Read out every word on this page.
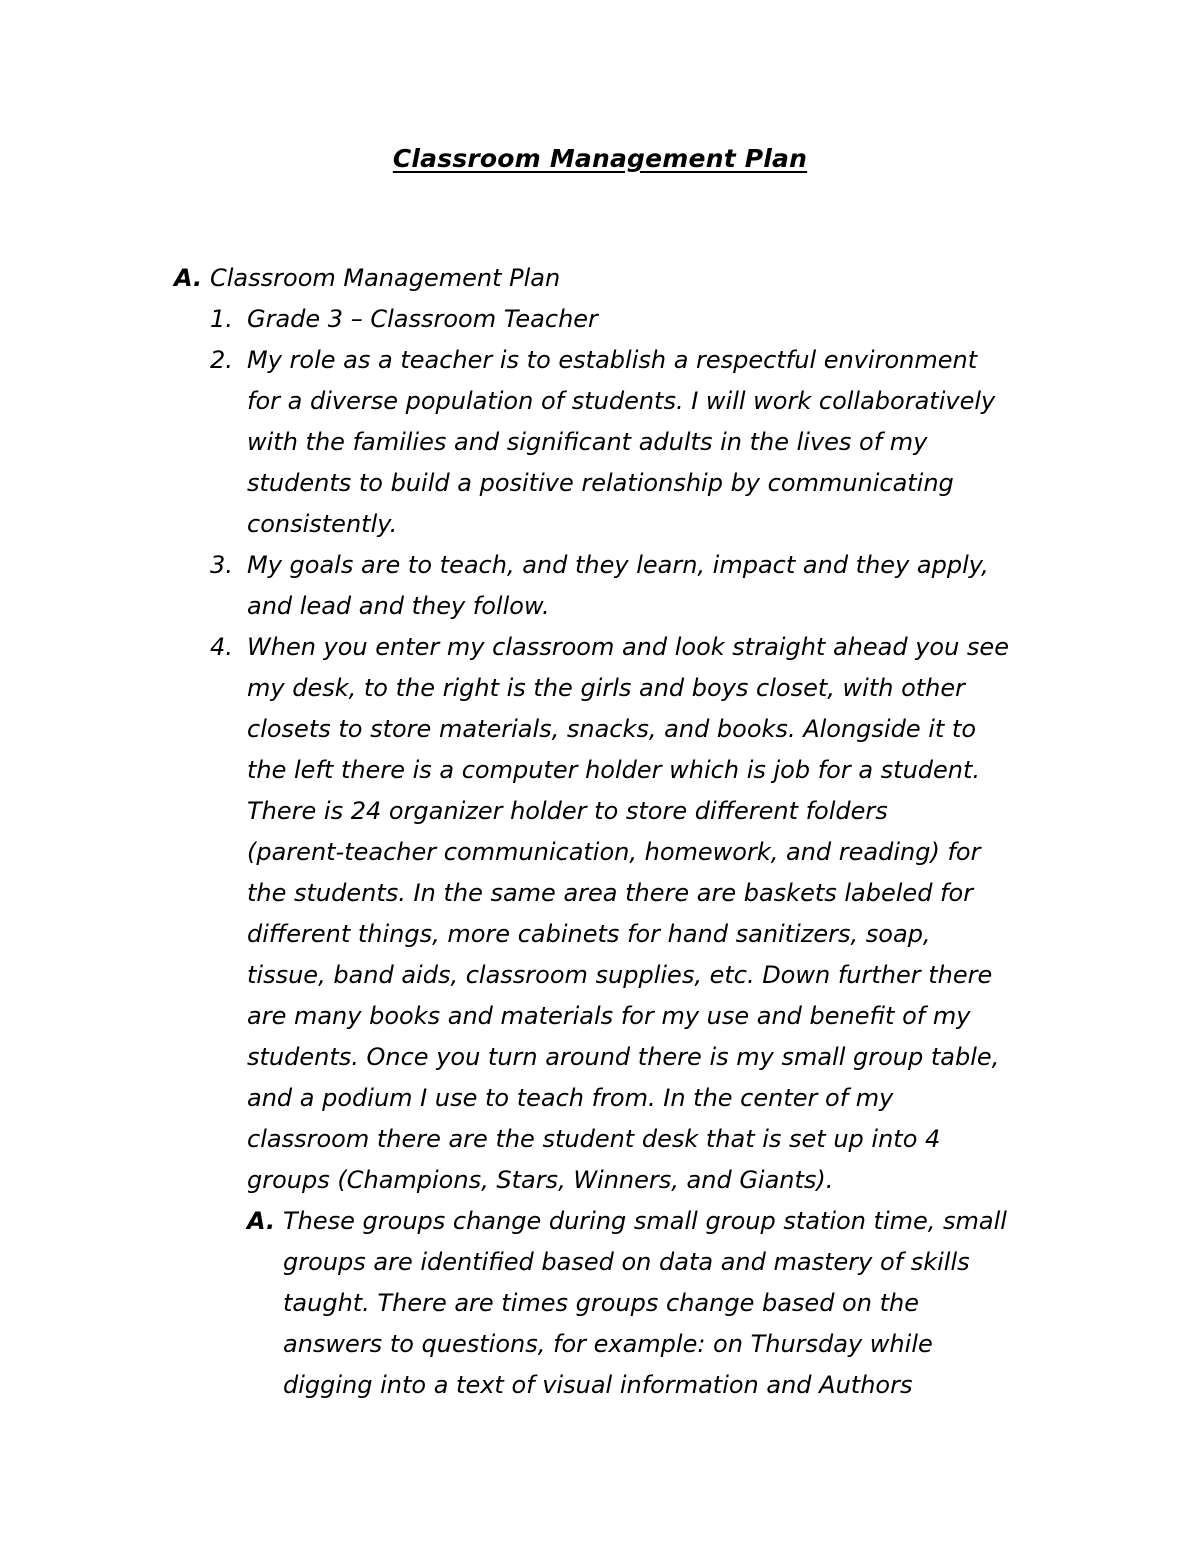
Classroom Management Plan
A. Classroom Management Plan
1. Grade 3 – Classroom Teacher
2. My role as a teacher is to establish a respectful environment
for a diverse population of students. I will work collaboratively
with the families and significant adults in the lives of my
students to build a positive relationship by communicating
consistently.
3. My goals are to teach, and they learn, impact and they apply,
and lead and they follow.
4. When you enter my classroom and look straight ahead you see
my desk, to the right is the girls and boys closet, with other
closets to store materials, snacks, and books. Alongside it to
the left there is a computer holder which is job for a student.
There is 24 organizer holder to store different folders
(parent-teacher communication, homework, and reading) for
the students. In the same area there are baskets labeled for
different things, more cabinets for hand sanitizers, soap,
tissue, band aids, classroom supplies, etc. Down further there
are many books and materials for my use and benefit of my
students. Once you turn around there is my small group table,
and a podium I use to teach from. In the center of my
classroom there are the student desk that is set up into 4
groups (Champions, Stars, Winners, and Giants).
A. These groups change during small group station time, small
groups are identified based on data and mastery of skills
taught. There are times groups change based on the
answers to questions, for example: on Thursday while
digging into a text of visual information and Authors
